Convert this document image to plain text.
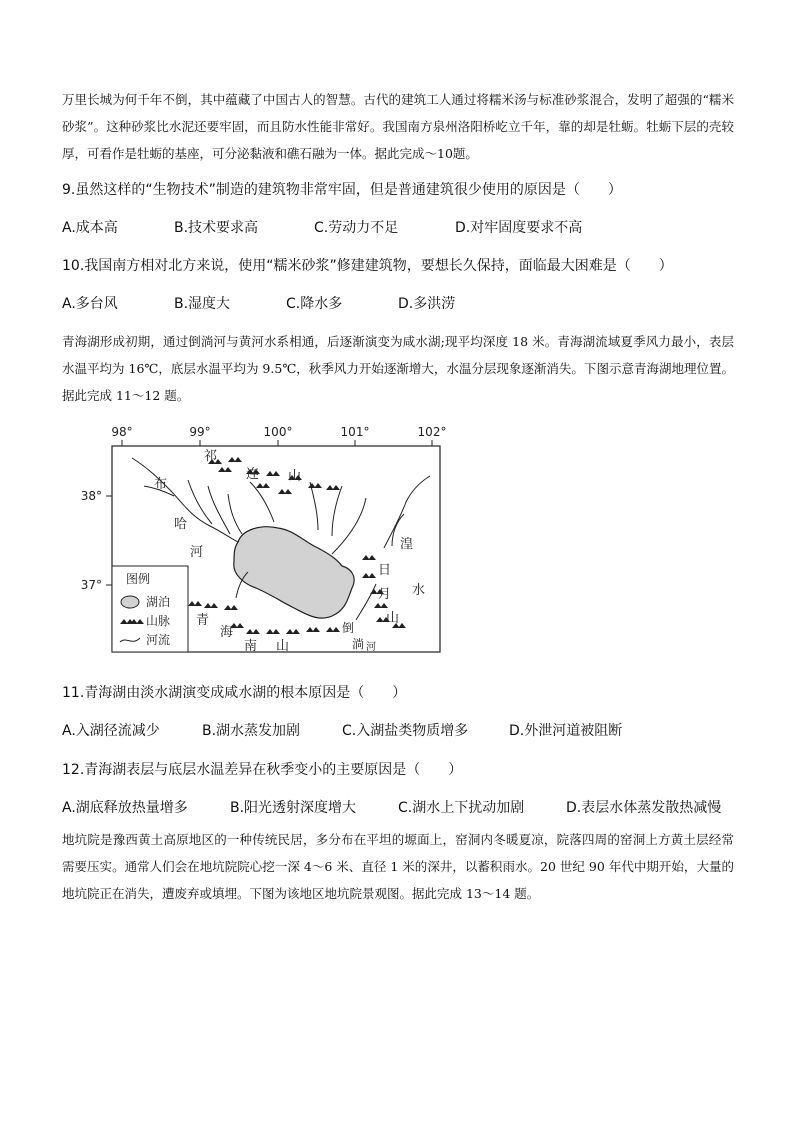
万里长城为何千年不倒，其中蕴藏了中国古人的智慧。古代的建筑工人通过将糯米汤与标准砂浆混合，发明了超强的“糯米砂浆”。这种砂浆比水泥还要牢固，而且防水性能非常好。我国南方泉州洛阳桥屹立千年，靠的却是牡蛎。牡蛎下层的壳较厚，可看作是牡蛎的基座，可分泌黏液和礁石融为一体。据此完成～10题。
9.虽然这样的“生物技术”制造的建筑物非常牢固，但是普通建筑很少使用的原因是（　　）
A.成本高	B.技术要求高	C.劳动力不足	D.对牢固度要求不高
10.我国南方相对北方来说，使用“糯米砂浆”修建建筑物，要想长久保持，面临最大困难是（　　）
A.多台风	B.湿度大	C.降水多	D.多洪涝
青海湖形成初期，通过倒淌河与黄河水系相通，后逐渐演变为咸水湖;现平均深度 18 米。青海湖流域夏季风力最小，表层水温平均为 16℃，底层水温平均为 9.5℃，秋季风力开始逐渐增大，水温分层现象逐渐消失。下图示意青海湖地理位置。据此完成 11～12 题。
98°	99°	100°	101°	102°
38°
37°
祁
连 山
布
哈
河
湟
水
日
月
山
青
海
南 山
倒
淌 河
图例
湖泊
山脉
河流
11.青海湖由淡水湖演变成咸水湖的根本原因是（　　）
A.入湖径流减少	B.湖水蒸发加剧	C.入湖盐类物质增多	D.外泄河道被阻断
12.青海湖表层与底层水温差异在秋季变小的主要原因是（　　）
A.湖底释放热量增多	B.阳光透射深度增大	C.湖水上下扰动加剧	D.表层水体蒸发散热减慢
地坑院是豫西黄土高原地区的一种传统民居，多分布在平坦的塬面上，窑洞内冬暖夏凉，院落四周的窑洞上方黄土层经常需要压实。通常人们会在地坑院院心挖一深 4～6 米、直径 1 米的深井，以蓄积雨水。20 世纪 90 年代中期开始，大量的地坑院正在消失，遭废弃或填埋。下图为该地区地坑院景观图。据此完成 13～14 题。
